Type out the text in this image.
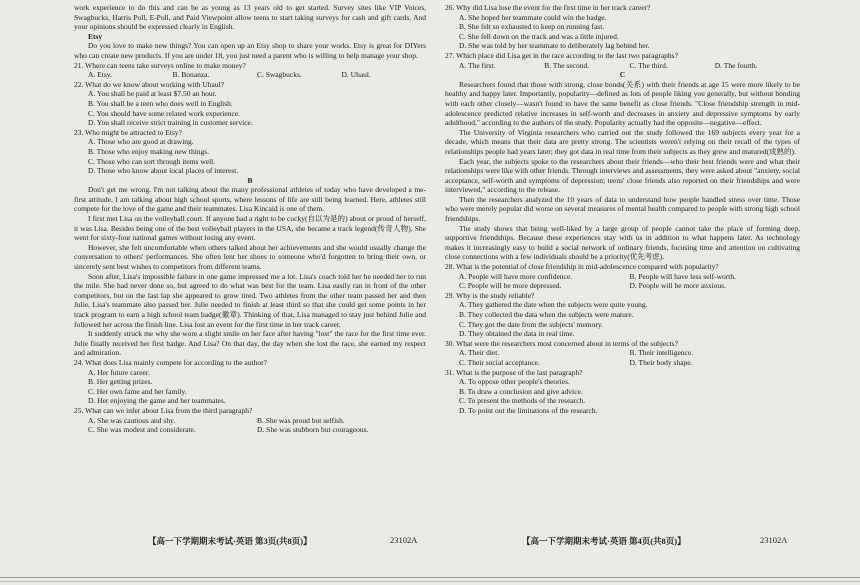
work experience to do this and can be as young as 13 years old to get started. Survey sites like VIP Voices, Swagbucks, Harris Poll, E-Poll, and Paid Viewpoint allow teens to start taking surveys for cash and gift cards. And your opinions should be expressed clearly in English.

Etsy

Do you love to make new things? You can open up an Etsy shop to share your works. Etsy is great for DIYers who can create new products. If you are under 18, you just need a parent who is willing to help manage your shop.

21. Where can teens take surveys online to make money?
A. Etsy.	B. Bonanza.	C. Swagbucks.	D. Uhaul.
22. What do we know about working with Uhaul?
A. You shall be paid at least $7.50 an hour.
B. You shall be a teen who does well in English.
C. You should have some related work experience.
D. You shall receive strict training in customer service.
23. Who might be attracted to Etsy?
A. Those who are good at drawing.
B. Those who enjoy making new things.
C. Those who can sort through items well.
D. Those who know about local places of interest.
B

Don't get me wrong. I'm not talking about the many professional athletes of today who have developed a me-first attitude. I am talking about high school sports, where lessons of life are still being learned. Here, athletes still compete for the love of the game and their teammates. Lisa Kincaid is one of them.

I first met Lisa on the volleyball court. If anyone had a right to be cocky(自以为是的) about or proud of herself, it was Lisa. Besides being one of the best volleyball players in the USA, she became a track legend(传奇人物). She went for sixty-four national games without losing any event.

However, she felt uncomfortable when others talked about her achievements and she would usually change the conversation to others' performances. She often lent her shoes to someone who'd forgotten to bring their own, or sincerely sent best wishes to competitors from different teams.

Soon after, Lisa's impossible failure in one game impressed me a lot. Lisa's coach told her he needed her to run the mile. She had never done so, but agreed to do what was best for the team. Lisa easily ran in front of the other competitors, but on the last lap she appeared to grow tired. Two athletes from the other team passed her and then Julie, Lisa's teammate also passed her. Julie needed to finish at least third so that she could get some points in her track program to earn a high school team badge(徽章). Thinking of that, Lisa managed to stay just behind Julie and followed her across the finish line. Lisa lost an event for the first time in her track career.

It suddenly struck me why she wore a slight smile on her face after having "lost" the race for the first time ever. Julie finally received her first badge. And Lisa? On that day, the day when she lost the race, she earned my respect and admiration.

24. What does Lisa mainly compete for according to the author?
A. Her future career.
B. Her getting prizes.
C. Her own fame and her family.
D. Her enjoying the game and her teammates.
25. What can we infer about Lisa from the third paragraph?
A. She was cautious and shy.	B. She was proud but selfish.
C. She was modest and considerate.	D. She was stubborn but courageous.
26. Why did Lisa lose the event for the first time in her track career?
A. She hoped her teammate could win the badge.
B. She felt so exhausted to keep on running fast.
C. She fell down on the track and was a little injured.
D. She was told by her teammate to deliberately lag behind her.
27. Which place did Lisa get in the race according to the last two paragraphs?
A. The first.	B. The second.	C. The third.	D. The fourth.
C

Researchers found that those with strong, close bonds(关系) with their friends at age 15 were more likely to be healthy and happy later. Importantly, popularity—defined as lots of people liking you generally, but without bonding with each other closely—wasn't found to have the same benefit as close friends. "Close friendship strength in mid-adolescence predicted relative increases in self-worth and decreases in anxiety and depressive symptoms by early adulthood," according to the authors of the study. Popularity actually had the opposite—negative—effect.

The University of Virginia researchers who carried out the study followed the 169 subjects every year for a decade, which means that their data are pretty strong. The scientists weren't relying on their recall of the types of relationships people had years later; they got data in real time from their subjects as they grew and matured(成熟的).

Each year, the subjects spoke to the researchers about their friends—who their best friends were and what their relationships were like with other friends. Through interviews and assessments, they were asked about "anxiety, social acceptance, self-worth and symptoms of depression; teens' close friends also reported on their friendships and were interviewed," according to the release.

Then the researchers analyzed the 10 years of data to understand how people handled stress over time. Those who were merely popular did worse on several measures of mental health compared to people with strong high school friendships.

The study shows that being well-liked by a large group of people cannot take the place of forming deep, supportive friendships. Because these experiences stay with us in addition to what happens later. As technology makes it increasingly easy to build a social network of ordinary friends, focusing time and attention on cultivating close connections with a few individuals should be a priority(优先考虑).

28. What is the potential of close friendship in mid-adolescence compared with popularity?
A. People will have more confidence.	B. People will have less self-worth.
C. People will be more depressed.	D. People will be more anxious.
29. Why is the study reliable?
A. They gathered the date when the subjects were quite young.
B. They collected the data when the subjects were mature.
C. They got the date from the subjects' memory.
D. They obtained the data in real time.
30. What were the researchers most concerned about in terms of the subjects?
A. Their diet.	B. Their intelligence.
C. Their social acceptance.	D. Their body shape.
31. What is the purpose of the last paragraph?
A. To oppose other people's theories.
B. To draw a conclusion and give advice.
C. To present the methods of the research.
D. To point out the limitations of the research.
【高一下学期期末考试·英语 第3页(共8页)】	23102A	【高一下学期期末考试·英语 第4页(共8页)】	23102A
